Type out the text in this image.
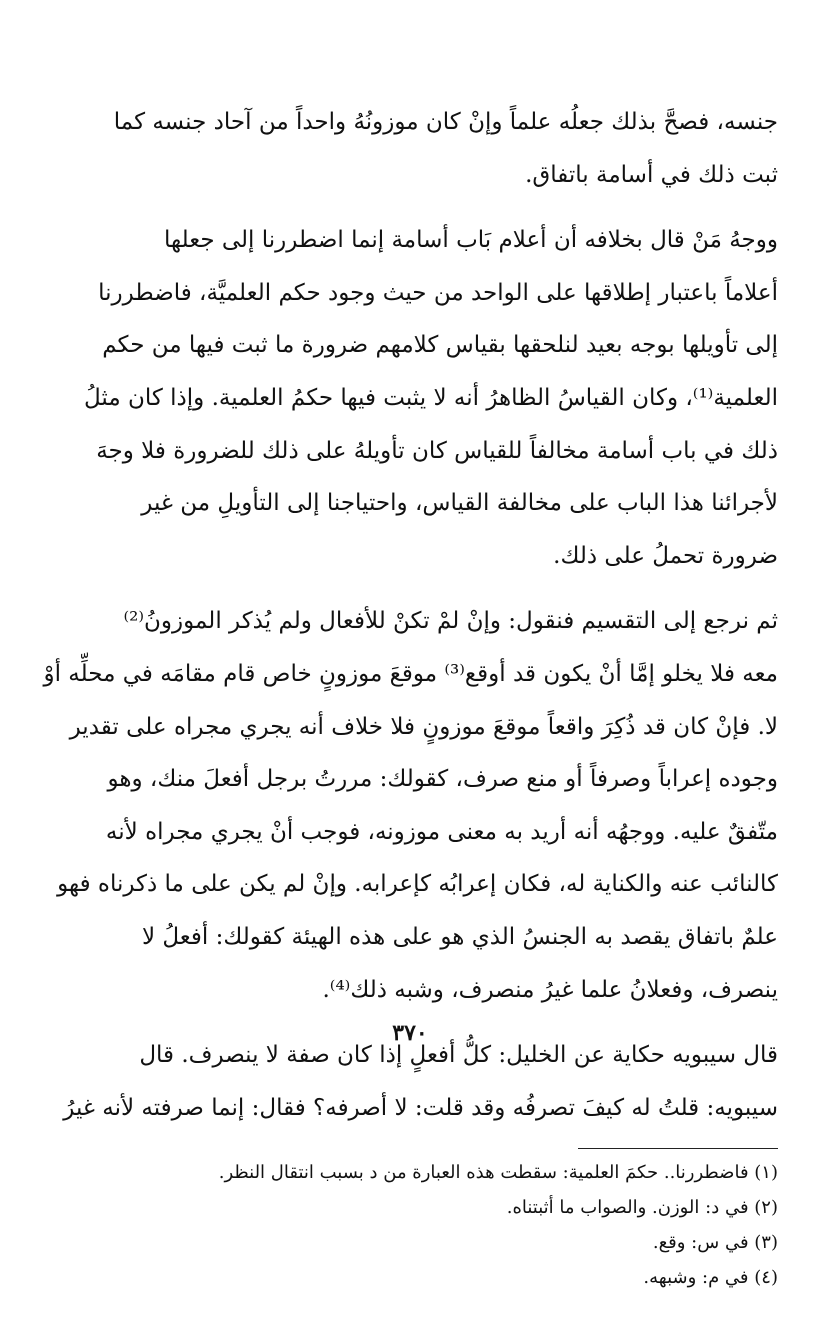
جنسه، فصحَّ بذلك جعلُه علماً وإنْ كان موزونُهُ واحداً من آحاد جنسه كما
ثبت ذلك في أسامة باتفاق.
ووجهُ مَنْ قال بخلافه أن أعلام بَاب أسامة إنما اضطررنا إلى جعلها
أعلاماً باعتبار إطلاقها على الواحد من حيث وجود حكم العلميَّة، فاضطررنا
إلى تأويلها بوجه بعيد لنلحقها بقياس كلامهم ضرورة ما ثبت فيها من حكم
العلمية⁽¹⁾، وكان القياسُ الظاهرُ أنه لا يثبت فيها حكمُ العلمية. وإذا كان مثلُ
ذلك في باب أسامة مخالفاً للقياس كان تأويلهُ على ذلك للضرورة فلا وجهَ
لأجرائنا هذا الباب على مخالفة القياس، واحتياجنا إلى التأويلِ من غير
ضرورة تحملُ على ذلك.
ثم نرجع إلى التقسيم فنقول: وإنْ لمْ تكنْ للأفعال ولم يُذكر الموزونُ⁽²⁾
معه فلا يخلو إمَّا أنْ يكون قد أوقع⁽³⁾ موقعَ موزونٍ خاص قام مقامَه في محلِّه أوْ
لا. فإنْ كان قد ذُكِرَ واقعاً موقعَ موزونٍ فلا خلاف أنه يجري مجراه على تقدير
وجوده إعراباً وصرفاً أو منع صرف، كقولك: مررتُ برجل أفعلَ منك، وهو
متّفقٌ عليه. ووجهُه أنه أريد به معنى موزونه، فوجب أنْ يجري مجراه لأنه
كالنائب عنه والكناية له، فكان إعرابُه كإعرابه. وإنْ لم يكن على ما ذكرناه فهو
علمٌ باتفاق يقصد به الجنسُ الذي هو على هذه الهيئة كقولك: أفعلُ لا
ينصرف، وفعلانُ علما غيرُ منصرف، وشبه ذلك⁽⁴⁾.
قال سيبويه حكاية عن الخليل: كلُّ أفعلٍ إذا كان صفة لا ينصرف. قال
سيبويه: قلتُ له كيفَ تصرفُه وقد قلت: لا أصرفه؟ فقال: إنما صرفته لأنه غيرُ
(١) فاضطررنا.. حكمَ العلمية: سقطت هذه العبارة من د بسبب انتقال النظر.
(٢) في د: الوزن. والصواب ما أثبتناه.
(٣) في س: وقع.
(٤) في م: وشبهه.
٣٧٠
